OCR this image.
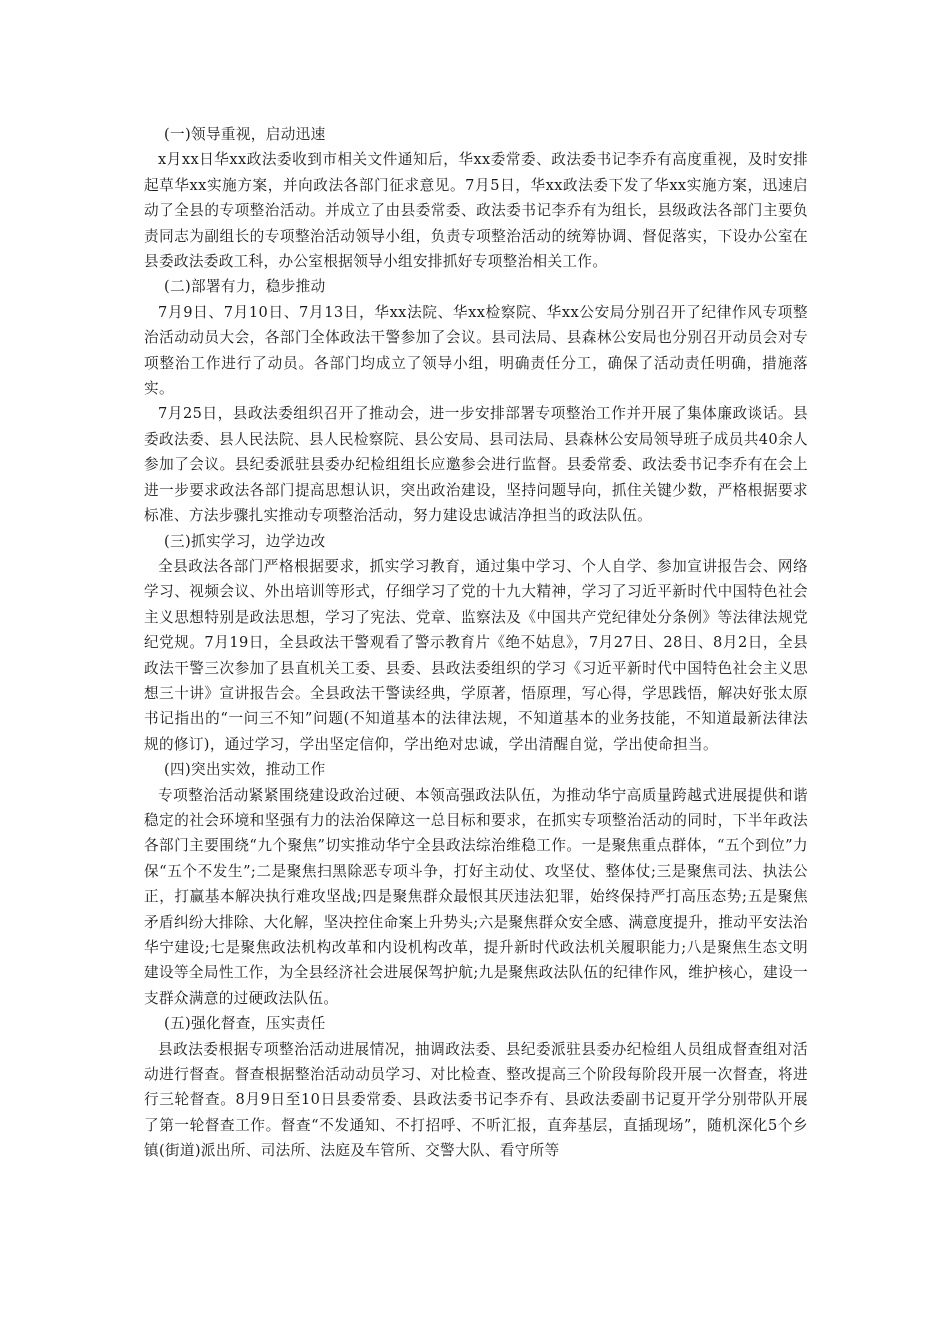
(一)领导重视，启动迅速

x月xx日华xx政法委收到市相关文件通知后，华xx委常委、政法委书记李乔有高度重视，及时安排起草华xx实施方案，并向政法各部门征求意见。7月5日，华xx政法委下发了华xx实施方案，迅速启动了全县的专项整治活动。并成立了由县委常委、政法委书记李乔有为组长，县级政法各部门主要负责同志为副组长的专项整治活动领导小组，负责专项整治活动的统筹协调、督促落实，下设办公室在县委政法委政工科，办公室根据领导小组安排抓好专项整治相关工作。

(二)部署有力，稳步推动

7月9日、7月10日、7月13日，华xx法院、华xx检察院、华xx公安局分别召开了纪律作风专项整治活动动员大会，各部门全体政法干警参加了会议。县司法局、县森林公安局也分别召开动员会对专项整治工作进行了动员。各部门均成立了领导小组，明确责任分工，确保了活动责任明确，措施落实。

7月25日，县政法委组织召开了推动会，进一步安排部署专项整治工作并开展了集体廉政谈话。县委政法委、县人民法院、县人民检察院、县公安局、县司法局、县森林公安局领导班子成员共40余人参加了会议。县纪委派驻县委办纪检组组长应邀参会进行监督。县委常委、政法委书记李乔有在会上进一步要求政法各部门提高思想认识，突出政治建设，坚持问题导向，抓住关键少数，严格根据要求标准、方法步骤扎实推动专项整治活动，努力建设忠诚洁净担当的政法队伍。

(三)抓实学习，边学边改

全县政法各部门严格根据要求，抓实学习教育，通过集中学习、个人自学、参加宣讲报告会、网络学习、视频会议、外出培训等形式，仔细学习了党的十九大精神，学习了习近平新时代中国特色社会主义思想特别是政法思想，学习了宪法、党章、监察法及《中国共产党纪律处分条例》等法律法规党纪党规。7月19日，全县政法干警观看了警示教育片《绝不姑息》，7月27日、28日、8月2日，全县政法干警三次参加了县直机关工委、县委、县政法委组织的学习《习近平新时代中国特色社会主义思想三十讲》宣讲报告会。全县政法干警读经典，学原著，悟原理，写心得，学思践悟，解决好张太原书记指出的“一问三不知”问题(不知道基本的法律法规，不知道基本的业务技能，不知道最新法律法规的修订)，通过学习，学出坚定信仰，学出绝对忠诚，学出清醒自觉，学出使命担当。

(四)突出实效，推动工作

专项整治活动紧紧围绕建设政治过硬、本领高强政法队伍，为推动华宁高质量跨越式进展提供和谐稳定的社会环境和坚强有力的法治保障这一总目标和要求，在抓实专项整治活动的同时，下半年政法各部门主要围绕“九个聚焦”切实推动华宁全县政法综治维稳工作。一是聚焦重点群体，“五个到位”力保“五个不发生”;二是聚焦扫黑除恶专项斗争，打好主动仗、攻坚仗、整体仗;三是聚焦司法、执法公正，打赢基本解决执行难攻坚战;四是聚焦群众最恨其厌违法犯罪，始终保持严打高压态势;五是聚焦矛盾纠纷大排除、大化解，坚决控住命案上升势头;六是聚焦群众安全感、满意度提升，推动平安法治华宁建设;七是聚焦政法机构改革和内设机构改革，提升新时代政法机关履职能力;八是聚焦生态文明建设等全局性工作，为全县经济社会进展保驾护航;九是聚焦政法队伍的纪律作风，维护核心，建设一支群众满意的过硬政法队伍。

(五)强化督查，压实责任

县政法委根据专项整治活动进展情况，抽调政法委、县纪委派驻县委办纪检组人员组成督查组对活动进行督查。督查根据整治活动动员学习、对比检查、整改提高三个阶段每阶段开展一次督查，将进行三轮督查。8月9日至10日县委常委、县政法委书记李乔有、县政法委副书记夏开学分别带队开展了第一轮督查工作。督查“不发通知、不打招呼、不听汇报，直奔基层，直插现场”，随机深化5个乡镇(街道)派出所、司法所、法庭及车管所、交警大队、看守所等
